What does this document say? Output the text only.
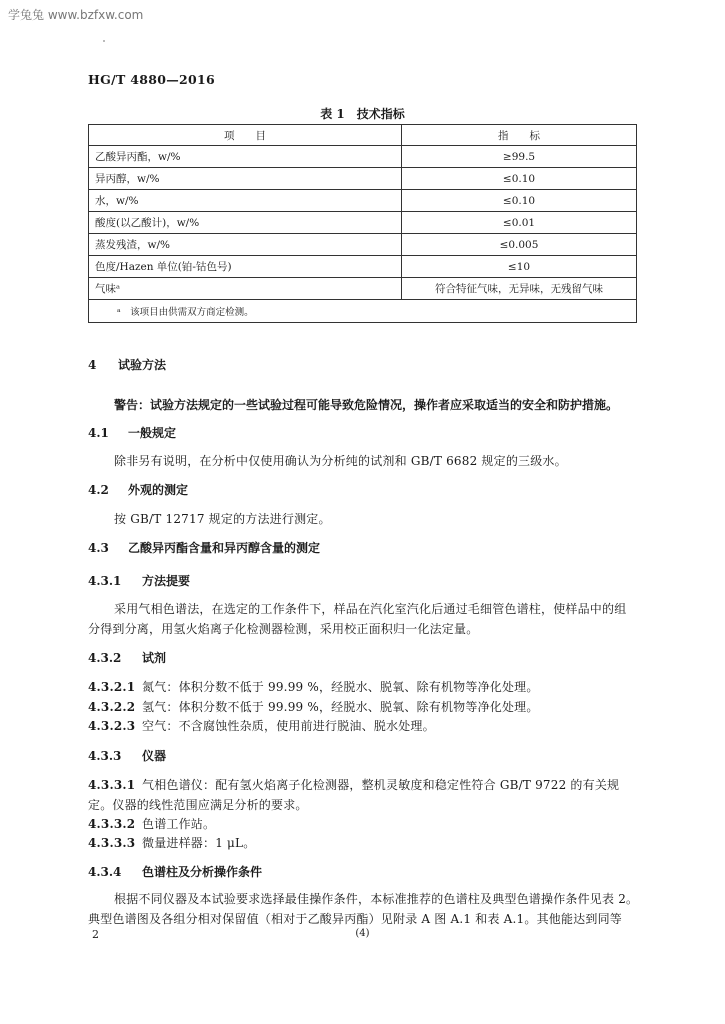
学兔兔 www.bzfxw.com
HG/T 4880—2016
表 1　技术指标
项　　目	指　　标
乙酸异丙酯，w/%	≥99.5
异丙醇，w/%	≤0.10
水，w/%	≤0.10
酸度(以乙酸计)，w/%	≤0.01
蒸发残渣，w/%	≤0.005
色度/Hazen 单位(铂-钴色号)	≤10
气味ᵃ	符合特征气味，无异味，无残留气味
ᵃ　该项目由供需双方商定检测。	
4 试验方法
警告：试验方法规定的一些试验过程可能导致危险情况，操作者应采取适当的安全和防护措施。
4.1 一般规定
除非另有说明，在分析中仅使用确认为分析纯的试剂和 GB/T 6682 规定的三级水。
4.2 外观的测定
按 GB/T 12717 规定的方法进行测定。
4.3 乙酸异丙酯含量和异丙醇含量的测定
4.3.1 方法提要
采用气相色谱法，在选定的工作条件下，样品在汽化室汽化后通过毛细管色谱柱，使样品中的组
分得到分离，用氢火焰离子化检测器检测，采用校正面积归一化法定量。
4.3.2 试剂
4.3.2.1 氮气：体积分数不低于 99.99 %，经脱水、脱氧、除有机物等净化处理。
4.3.2.2 氢气：体积分数不低于 99.99 %，经脱水、脱氧、除有机物等净化处理。
4.3.2.3 空气：不含腐蚀性杂质，使用前进行脱油、脱水处理。
4.3.3 仪器
4.3.3.1 气相色谱仪：配有氢火焰离子化检测器，整机灵敏度和稳定性符合 GB/T 9722 的有关规
定。仪器的线性范围应满足分析的要求。
4.3.3.2 色谱工作站。
4.3.3.3 微量进样器：1 μL。
4.3.4 色谱柱及分析操作条件
根据不同仪器及本试验要求选择最佳操作条件，本标准推荐的色谱柱及典型色谱操作条件见表 2。
典型色谱图及各组分相对保留值（相对于乙酸异丙酯）见附录 A 图 A.1 和表 A.1。其他能达到同等
2	(4)
